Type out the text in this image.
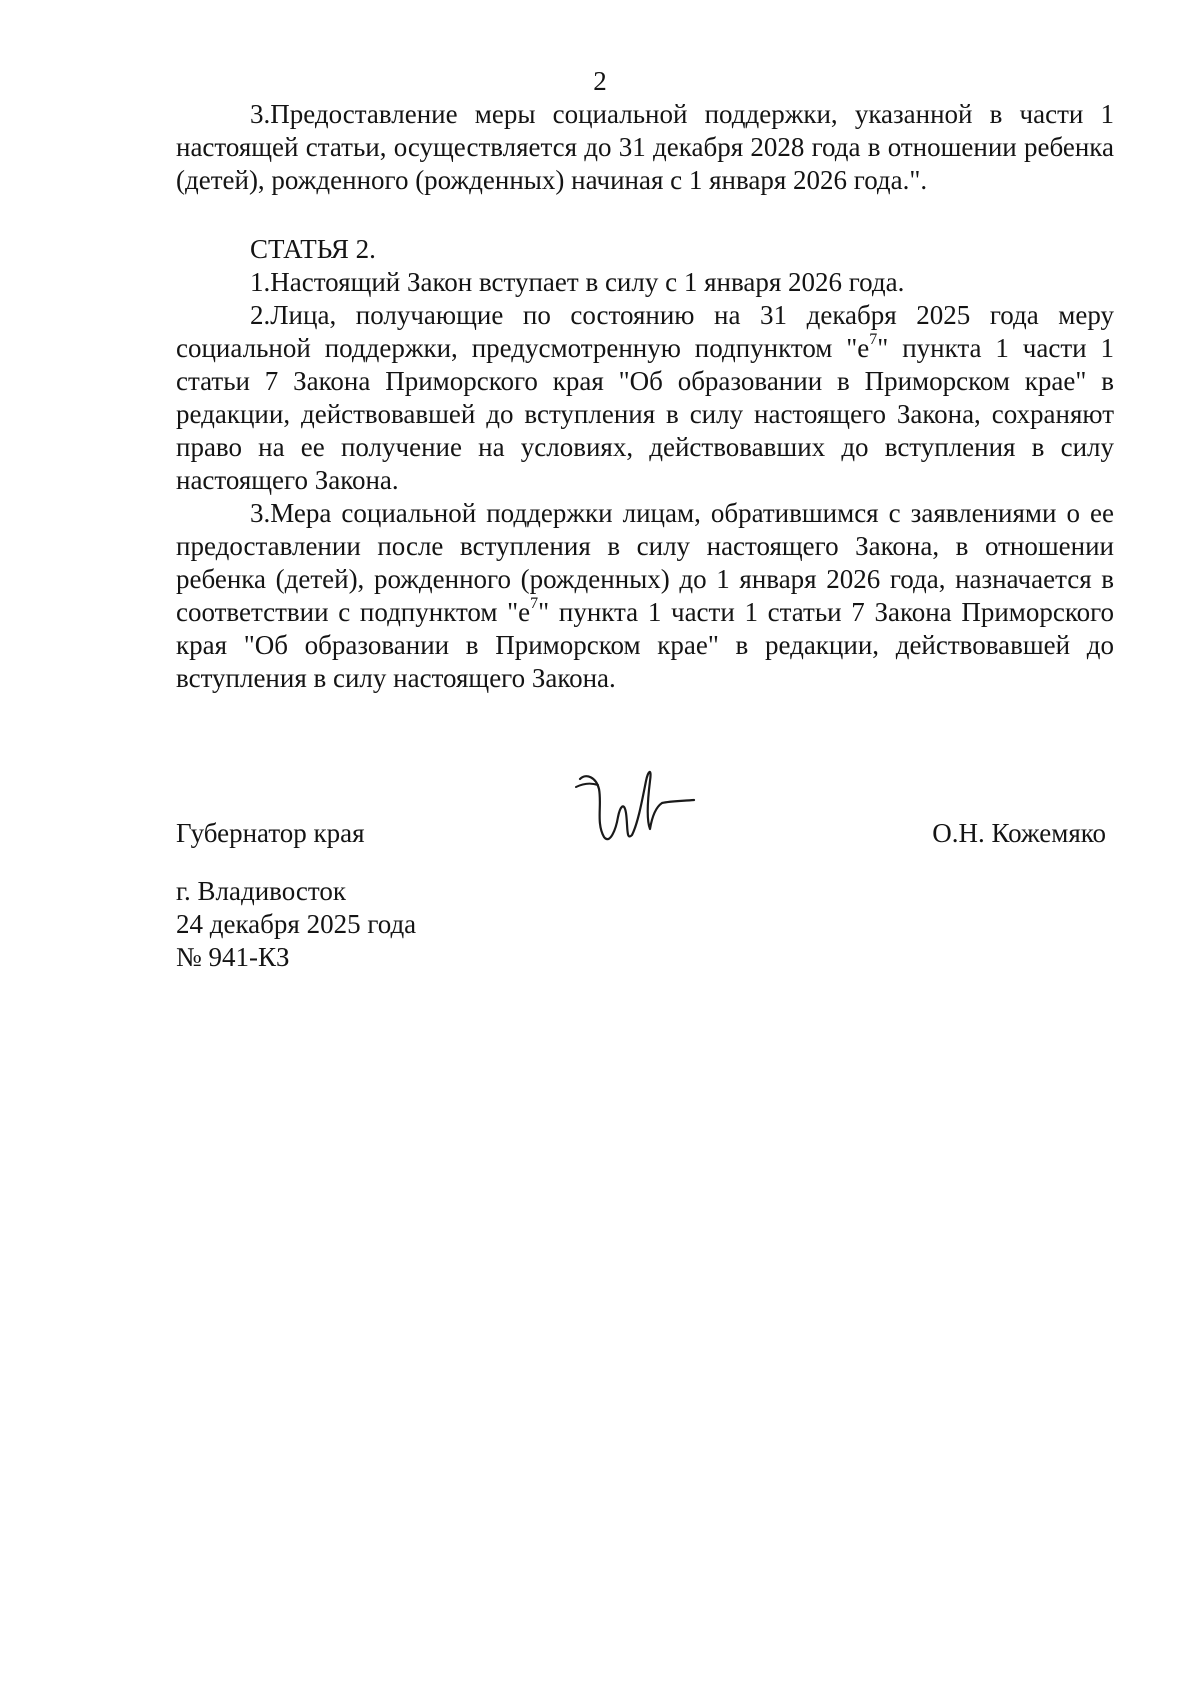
2

3.Предоставление меры социальной поддержки, указанной в части 1 настоящей статьи, осуществляется до 31 декабря 2028 года в отношении ребенка (детей), рожденного (рожденных) начиная с 1 января 2026 года.".

СТАТЬЯ 2.

1.Настоящий Закон вступает в силу с 1 января 2026 года.

2.Лица, получающие по состоянию на 31 декабря 2025 года меру социальной поддержки, предусмотренную подпунктом "$е^7$" пункта 1 части 1 статьи 7 Закона Приморского края "Об образовании в Приморском крае" в редакции, действовавшей до вступления в силу настоящего Закона, сохраняют право на ее получение на условиях, действовавших до вступления в силу настоящего Закона.

3.Мера социальной поддержки лицам, обратившимся с заявлениями о ее предоставлении после вступления в силу настоящего Закона, в отношении ребенка (детей), рожденного (рожденных) до 1 января 2026 года, назначается в соответствии с подпунктом "$е^7$" пункта 1 части 1 статьи 7 Закона Приморского края "Об образовании в Приморском крае" в редакции, действовавшей до вступления в силу настоящего Закона.

Губернатор края	О.Н. Кожемяко
г. Владивосток
24 декабря 2025 года
№ 941-КЗ
